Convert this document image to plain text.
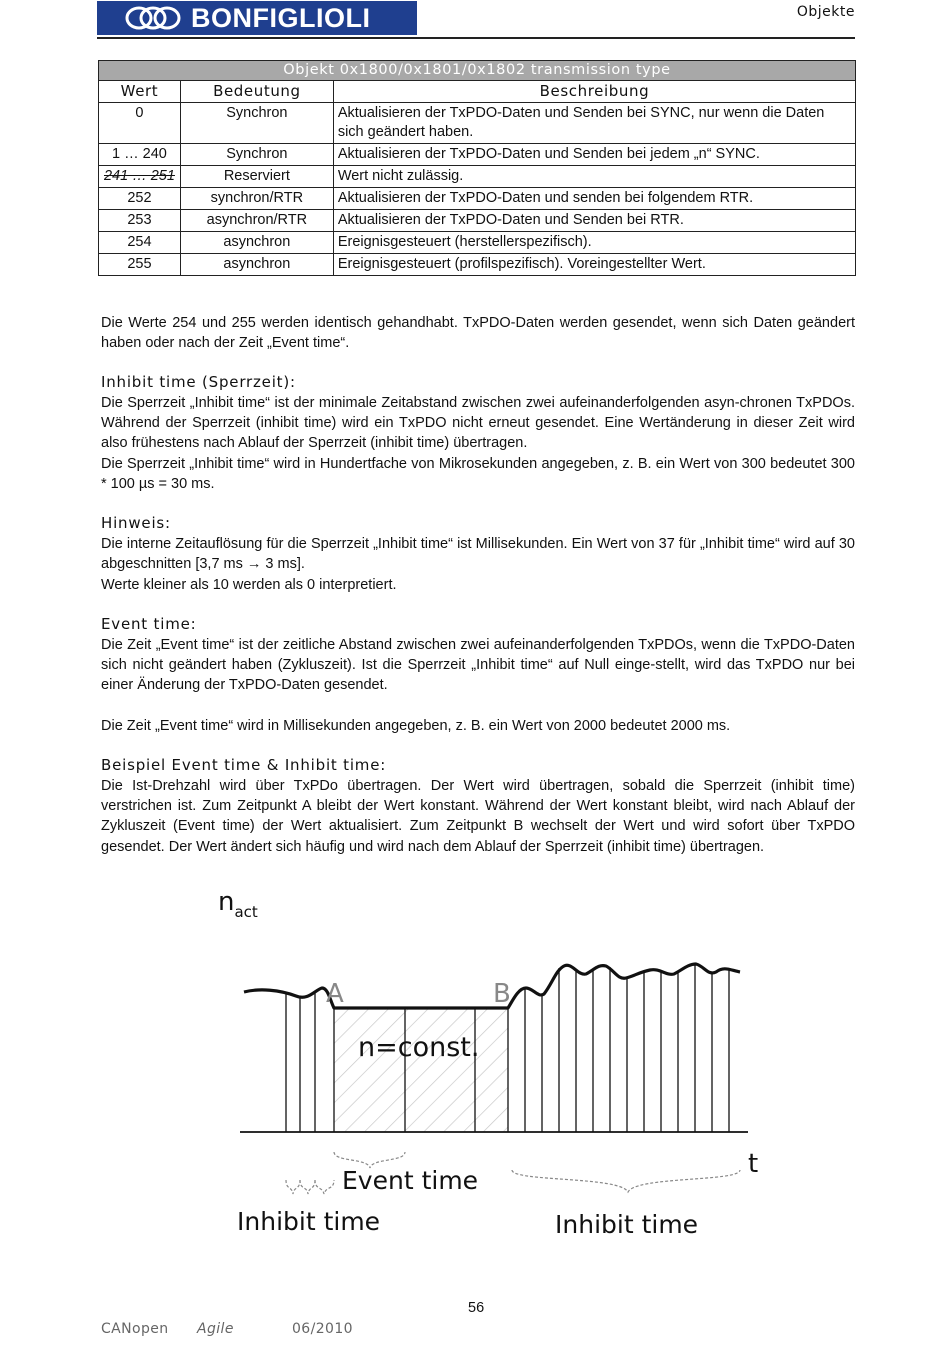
BONFIGLIOLI	Objekte
Objekt 0x1800/0x1801/0x1802 transmission type		
Wert	Bedeutung	Beschreibung
0	Synchron	Aktualisieren der TxPDO-Daten und Senden bei SYNC, nur wenn die Daten sich geändert haben.
1 … 240	Synchron	Aktualisieren der TxPDO-Daten und Senden bei jedem „n“ SYNC.
241 … 251	Reserviert	Wert nicht zulässig.
252	synchron/RTR	Aktualisieren der TxPDO-Daten und senden bei folgendem RTR.
253	asynchron/RTR	Aktualisieren der TxPDO-Daten und Senden bei RTR.
254	asynchron	Ereignisgesteuert (herstellerspezifisch).
255	asynchron	Ereignisgesteuert (profilspezifisch). Voreingestellter Wert.
Die Werte 254 und 255 werden identisch gehandhabt. TxPDO-Daten werden gesendet, wenn sich Daten geändert haben oder nach der Zeit „Event time“.
Inhibit time (Sperrzeit):
Die Sperrzeit „Inhibit time“ ist der minimale Zeitabstand zwischen zwei aufeinanderfolgenden asyn-chronen TxPDOs. Während der Sperrzeit (inhibit time) wird ein TxPDO nicht erneut gesendet. Eine Wertänderung in dieser Zeit wird also frühestens nach Ablauf der Sperrzeit (inhibit time) übertragen.
Die Sperrzeit „Inhibit time“ wird in Hundertfache von Mikrosekunden angegeben, z. B. ein Wert von 300 bedeutet 300 * 100 µs = 30 ms.
Hinweis:
Die interne Zeitauflösung für die Sperrzeit „Inhibit time“ ist Millisekunden. Ein Wert von 37 für „Inhibit time“ wird auf 30 abgeschnitten [3,7 ms → 3 ms].
Werte kleiner als 10 werden als 0 interpretiert.
Event time:
Die Zeit „Event time“ ist der zeitliche Abstand zwischen zwei aufeinanderfolgenden TxPDOs, wenn die TxPDO-Daten sich nicht geändert haben (Zykluszeit). Ist die Sperrzeit „Inhibit time“ auf Null einge-stellt, wird das TxPDO nur bei einer Änderung der TxPDO-Daten gesendet.
Die Zeit „Event time“ wird in Millisekunden angegeben, z. B. ein Wert von 2000 bedeutet 2000 ms.
Beispiel Event time & Inhibit time:
Die Ist-Drehzahl wird über TxPDo übertragen. Der Wert wird übertragen, sobald die Sperrzeit (inhibit time) verstrichen ist. Zum Zeitpunkt A bleibt der Wert konstant. Während der Wert konstant bleibt, wird nach Ablauf der Zykluszeit (Event time) der Wert aktualisiert. Zum Zeitpunkt B wechselt der Wert und wird sofort über TxPDO gesendet. Der Wert ändert sich häufig und wird nach dem Ablauf der Sperrzeit (inhibit time) übertragen.
$n_{act}$
A	B
n=const.
t
Event time
Inhibit time	Inhibit time
56
CANopen Agile	06/2010
